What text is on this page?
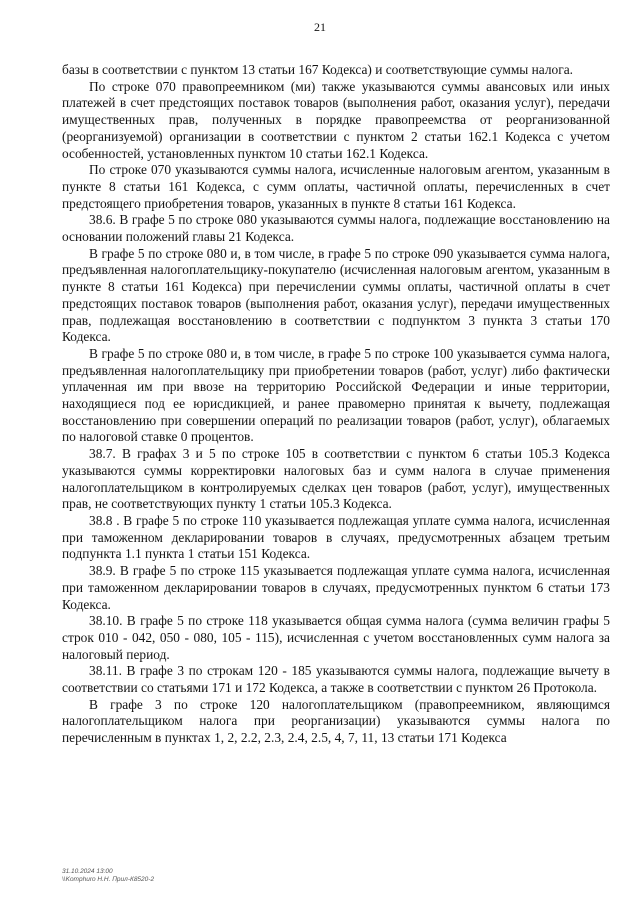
21

базы в соответствии с пунктом 13 статьи 167 Кодекса) и соответствующие суммы налога.

По строке 070 правопреемником (ми) также указываются суммы авансовых или иных платежей в счет предстоящих поставок товаров (выполнения работ, оказания услуг), передачи имущественных прав, полученных в порядке правопреемства от реорганизованной (реорганизуемой) организации в соответствии с пунктом 2 статьи 162.1 Кодекса с учетом особенностей, установленных пунктом 10 статьи 162.1 Кодекса.

По строке 070 указываются суммы налога, исчисленные налоговым агентом, указанным в пункте 8 статьи 161 Кодекса, с сумм оплаты, частичной оплаты, перечисленных в счет предстоящего приобретения товаров, указанных в пункте 8 статьи 161 Кодекса.

38.6. В графе 5 по строке 080 указываются суммы налога, подлежащие восстановлению на основании положений главы 21 Кодекса.

В графе 5 по строке 080 и, в том числе, в графе 5 по строке 090 указывается сумма налога, предъявленная налогоплательщику-покупателю (исчисленная налоговым агентом, указанным в пункте 8 статьи 161 Кодекса) при перечислении суммы оплаты, частичной оплаты в счет предстоящих поставок товаров (выполнения работ, оказания услуг), передачи имущественных прав, подлежащая восстановлению в соответствии с подпунктом 3 пункта 3 статьи 170 Кодекса.

В графе 5 по строке 080 и, в том числе, в графе 5 по строке 100 указывается сумма налога, предъявленная налогоплательщику при приобретении товаров (работ, услуг) либо фактически уплаченная им при ввозе на территорию Российской Федерации и иные территории, находящиеся под ее юрисдикцией, и ранее правомерно принятая к вычету, подлежащая восстановлению при совершении операций по реализации товаров (работ, услуг), облагаемых по налоговой ставке 0 процентов.

38.7. В графах 3 и 5 по строке 105 в соответствии с пунктом 6 статьи 105.3 Кодекса указываются суммы корректировки налоговых баз и сумм налога в случае применения налогоплательщиком в контролируемых сделках цен товаров (работ, услуг), имущественных прав, не соответствующих пункту 1 статьи 105.3 Кодекса.

38.8 . В графе 5 по строке 110 указывается подлежащая уплате сумма налога, исчисленная при таможенном декларировании товаров в случаях, предусмотренных абзацем третьим подпункта 1.1 пункта 1 статьи 151 Кодекса.

38.9. В графе 5 по строке 115 указывается подлежащая уплате сумма налога, исчисленная при таможенном декларировании товаров в случаях, предусмотренных пунктом 6 статьи 173 Кодекса.

38.10. В графе 5 по строке 118 указывается общая сумма налога (сумма величин графы 5 строк 010 - 042, 050 - 080, 105 - 115), исчисленная с учетом восстановленных сумм налога за налоговый период.

38.11. В графе 3 по строкам 120 - 185 указываются суммы налога, подлежащие вычету в соответствии со статьями 171 и 172 Кодекса, а также в соответствии с пунктом 26 Протокола.

В графе 3 по строке 120 налогоплательщиком (правопреемником, являющимся налогоплательщиком налога при реорганизации) указываются суммы налога по перечисленным в пунктах 1, 2, 2.2, 2.3, 2.4, 2.5, 4, 7, 11, 13 статьи 171 Кодекса

31.10.2024 13:00
\\Komphuro Н.Н. Прил-К8520-2
